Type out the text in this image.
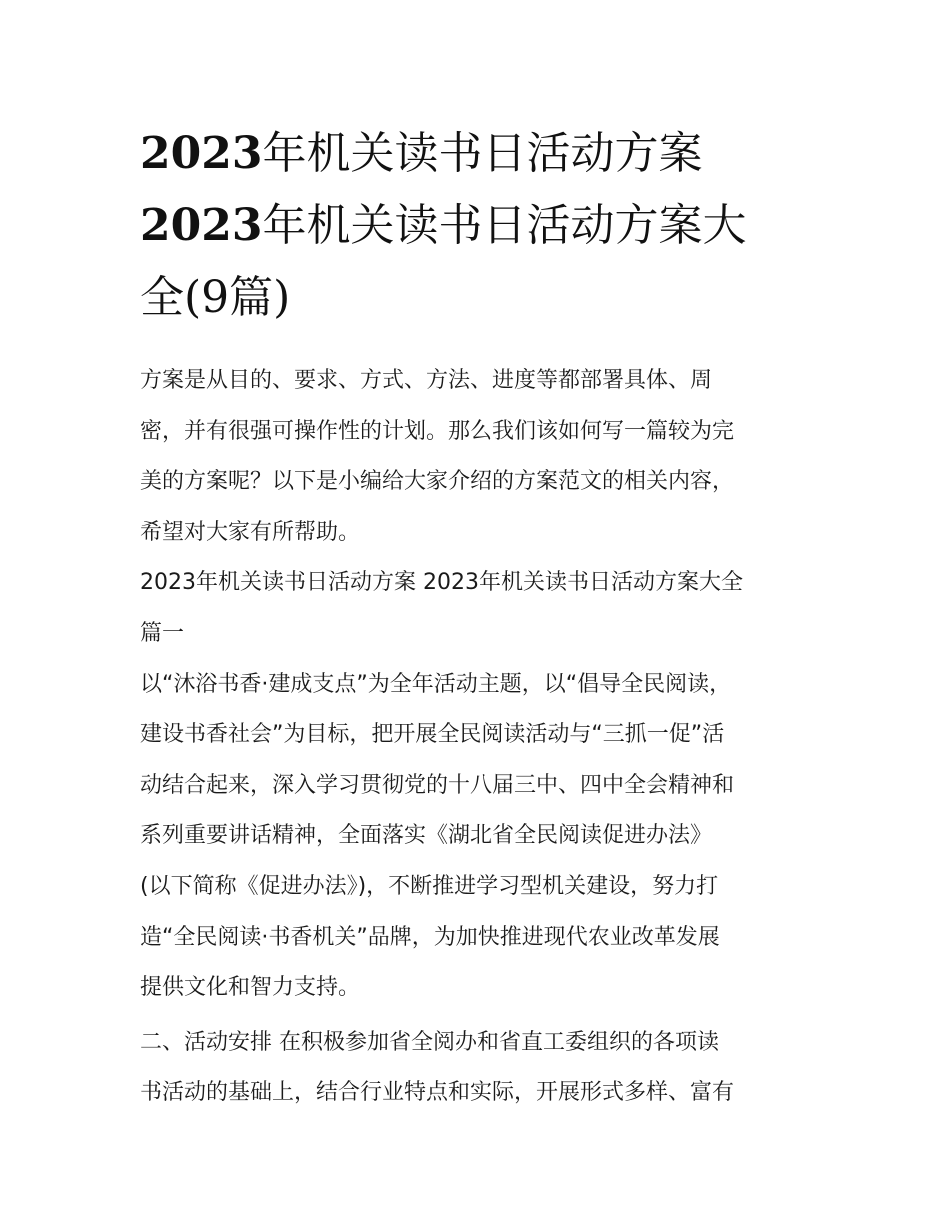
2023年机关读书日活动方案
2023年机关读书日活动方案大
全(9篇)

方案是从目的、要求、方式、方法、进度等都部署具体、周
密，并有很强可操作性的计划。那么我们该如何写一篇较为完
美的方案呢？以下是小编给大家介绍的方案范文的相关内容，
希望对大家有所帮助。

2023年机关读书日活动方案 2023年机关读书日活动方案大全
篇一

以“沐浴书香·建成支点”为全年活动主题，以“倡导全民阅读，
建设书香社会”为目标，把开展全民阅读活动与“三抓一促”活
动结合起来，深入学习贯彻党的十八届三中、四中全会精神和
系列重要讲话精神，全面落实《湖北省全民阅读促进办法》
(以下简称《促进办法》)，不断推进学习型机关建设，努力打
造“全民阅读·书香机关”品牌，为加快推进现代农业改革发展
提供文化和智力支持。

二、活动安排 在积极参加省全阅办和省直工委组织的各项读
书活动的基础上，结合行业特点和实际，开展形式多样、富有
